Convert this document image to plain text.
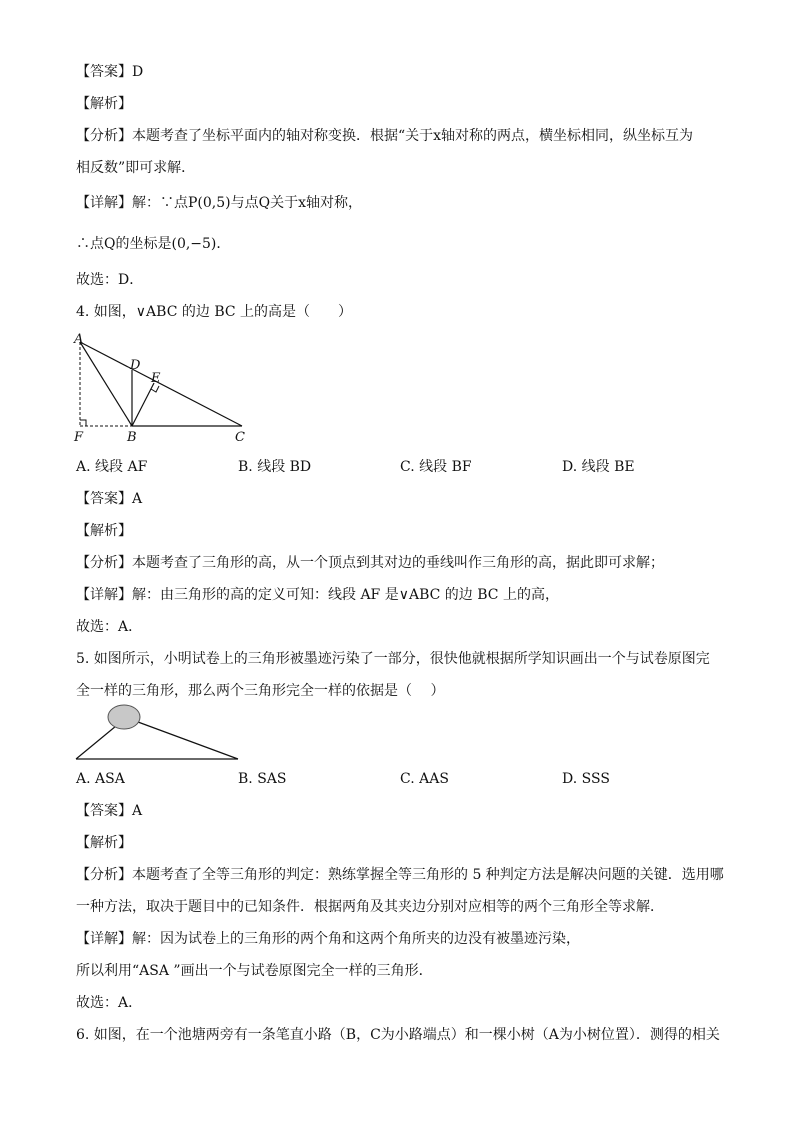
【答案】D
【解析】
【分析】本题考查了坐标平面内的轴对称变换．根据“关于x轴对称的两点，横坐标相同，纵坐标互为
相反数”即可求解．
【详解】解：∵点P(0,5)与点Q关于x轴对称，
∴点Q的坐标是(0,−5)．
故选：D．
4. 如图，∨ABC 的边 BC 上的高是（　　）
【答案】A
【解析】
【分析】本题考查了三角形的高，从一个顶点到其对边的垂线叫作三角形的高，据此即可求解；
【详解】解：由三角形的高的定义可知：线段 AF 是∨ABC 的边 BC 上的高，
故选：A．
5. 如图所示，小明试卷上的三角形被墨迹污染了一部分，很快他就根据所学知识画出一个与试卷原图完
全一样的三角形，那么两个三角形完全一样的依据是（　 ）
【答案】A
【解析】
【分析】本题考查了全等三角形的判定：熟练掌握全等三角形的 5 种判定方法是解决问题的关键．选用哪
一种方法，取决于题目中的已知条件．根据两角及其夹边分别对应相等的两个三角形全等求解．
【详解】解：因为试卷上的三角形的两个角和这两个角所夹的边没有被墨迹污染，
所以利用“ASA ”画出一个与试卷原图完全一样的三角形．
故选：A．
6. 如图，在一个池塘两旁有一条笔直小路（B，C为小路端点）和一棵小树（A为小树位置）．测得的相关
A
D
E
F	B	C
A. 线段 AF	B. 线段 BD	C. 线段 BF	D. 线段 BE
A. ASA	B. SAS	C. AAS	D. SSS
